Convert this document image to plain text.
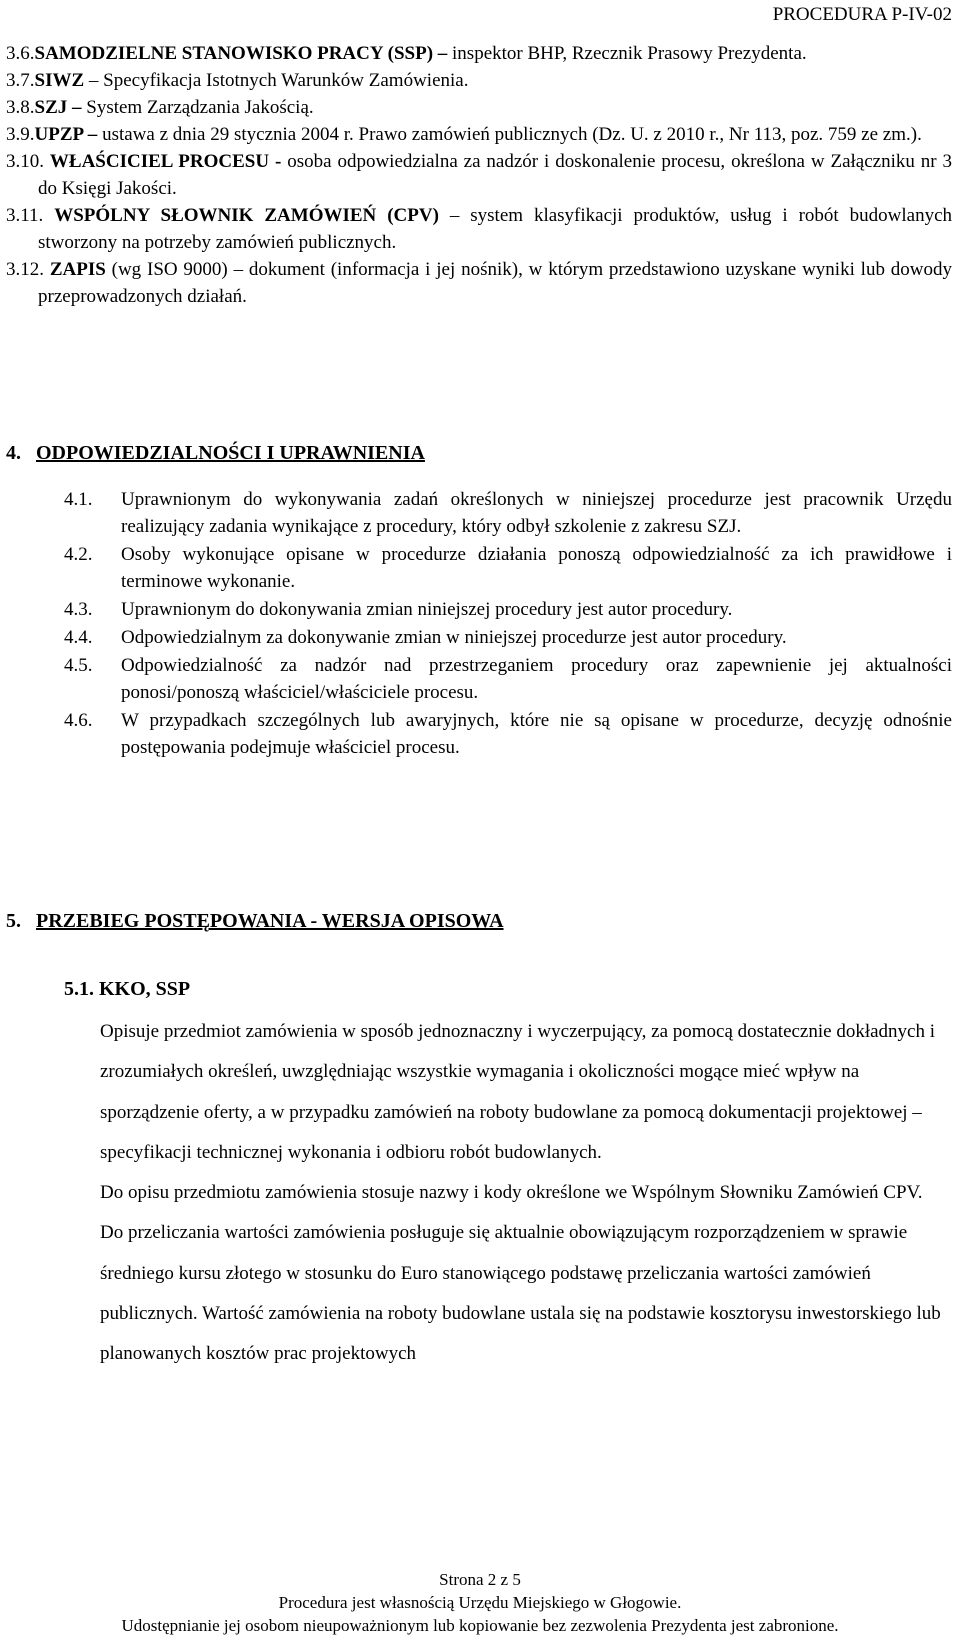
PROCEDURA P-IV-02
3.6.SAMODZIELNE STANOWISKO PRACY (SSP) – inspektor BHP, Rzecznik Prasowy Prezydenta.
3.7.SIWZ – Specyfikacja Istotnych Warunków Zamówienia.
3.8.SZJ – System Zarządzania Jakością.
3.9.UPZP – ustawa z dnia 29 stycznia 2004 r. Prawo zamówień publicznych (Dz. U. z 2010 r., Nr 113, poz. 759 ze zm.).
3.10. WŁAŚCICIEL PROCESU - osoba odpowiedzialna za nadzór i doskonalenie procesu, określona w Załączniku nr 3 do Księgi Jakości.
3.11. WSPÓLNY SŁOWNIK ZAMÓWIEŃ (CPV) – system klasyfikacji produktów, usług i robót budowlanych stworzony na potrzeby zamówień publicznych.
3.12. ZAPIS (wg ISO 9000) – dokument (informacja i jej nośnik), w którym przedstawiono uzyskane wyniki lub dowody przeprowadzonych działań.
4. ODPOWIEDZIALNOŚCI I UPRAWNIENIA
4.1.	Uprawnionym do wykonywania zadań określonych w niniejszej procedurze jest pracownik Urzędu realizujący zadania wynikające z procedury, który odbył szkolenie z zakresu SZJ.
4.2.	Osoby wykonujące opisane w procedurze działania ponoszą odpowiedzialność za ich prawidłowe i terminowe wykonanie.
4.3.	Uprawnionym do dokonywania zmian niniejszej procedury jest autor procedury.
4.4.	Odpowiedzialnym za dokonywanie zmian w niniejszej procedurze jest autor procedury.
4.5.	Odpowiedzialność za nadzór nad przestrzeganiem procedury oraz zapewnienie jej aktualności ponosi/ponoszą właściciel/właściciele procesu.
4.6.	W przypadkach szczególnych lub awaryjnych, które nie są opisane w procedurze, decyzję odnośnie postępowania podejmuje właściciel procesu.
5. PRZEBIEG POSTĘPOWANIA - WERSJA OPISOWA
5.1. KKO, SSP

Opisuje przedmiot zamówienia w sposób jednoznaczny i wyczerpujący, za pomocą dostatecznie dokładnych i zrozumiałych określeń, uwzględniając wszystkie wymagania i okoliczności mogące mieć wpływ na sporządzenie oferty, a w przypadku zamówień na roboty budowlane za pomocą dokumentacji projektowej – specyfikacji technicznej wykonania i odbioru robót budowlanych.

Do opisu przedmiotu zamówienia stosuje nazwy i kody określone we Wspólnym Słowniku Zamówień CPV. Do przeliczania wartości zamówienia posługuje się aktualnie obowiązującym rozporządzeniem w sprawie średniego kursu złotego w stosunku do Euro stanowiącego podstawę przeliczania wartości zamówień publicznych. Wartość zamówienia na roboty budowlane ustala się na podstawie kosztorysu inwestorskiego lub planowanych kosztów prac projektowych

Strona 2 z 5
Procedura jest własnością Urzędu Miejskiego w Głogowie.
Udostępnianie jej osobom nieupoważnionym lub kopiowanie bez zezwolenia Prezydenta jest zabronione.
